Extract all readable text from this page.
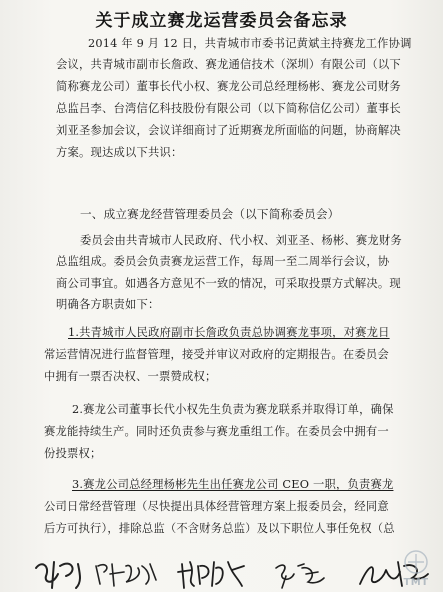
关于成立赛龙运营委员会备忘录
2014 年 9 月 12 日，共青城市市委书记黄斌主持赛龙工作协调
会议，共青城市副市长詹政、赛龙通信技术（深圳）有限公司（以下
简称赛龙公司）董事长代小权、赛龙公司总经理杨彬、赛龙公司财务
总监吕李、台湾信亿科技股份有限公司（以下简称信亿公司）董事长
刘亚圣参加会议，会议详细商讨了近期赛龙所面临的问题，协商解决
方案。现达成以下共识：
一、成立赛龙经营管理委员会（以下简称委员会）
委员会由共青城市人民政府、代小权、刘亚圣、杨彬、赛龙财务
总监组成。委员会负责赛龙运营工作，每周一至二周举行会议，协
商公司事宜。如遇各方意见不一致的情况，可采取投票方式解决。现
明确各方职责如下：
1.共青城市人民政府副市长詹政负责总协调赛龙事项，对赛龙日
常运营情况进行监督管理，接受并审议对政府的定期报告。在委员会
中拥有一票否决权、一票赞成权；
2.赛龙公司董事长代小权先生负责为赛龙联系并取得订单，确保
赛龙能持续生产。同时还负责参与赛龙重组工作。在委员会中拥有一
份投票权；
3.赛龙公司总经理杨彬先生出任赛龙公司 CEO 一职，负责赛龙
公司日常经营管理（尽快提出具体经营管理方案上报委员会，经同意
后方可执行），排除总监（不含财务总监）及以下职位人事任免权（总
TMT
